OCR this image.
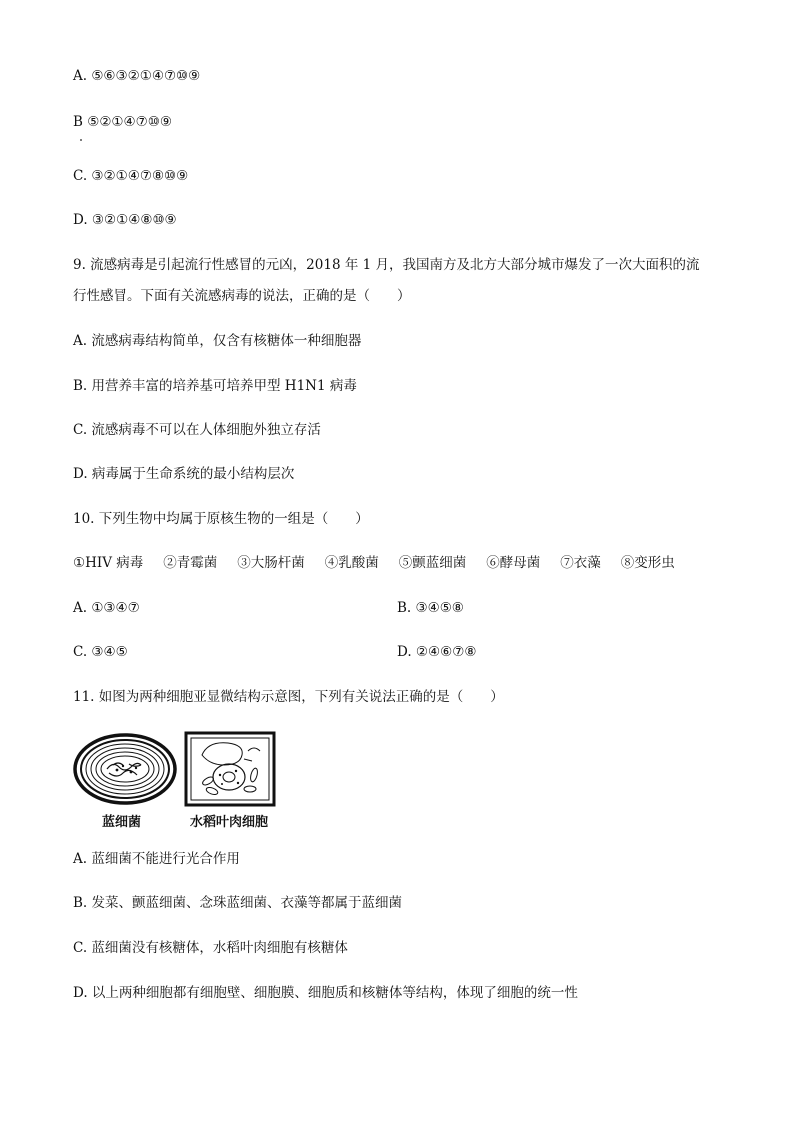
A. ⑤⑥③②①④⑦⑩⑨
B ⑤②①④⑦⑩⑨
C. ③②①④⑦⑧⑩⑨
D. ③②①④⑧⑩⑨
9. 流感病毒是引起流行性感冒的元凶，2018 年 1 月，我国南方及北方大部分城市爆发了一次大面积的流
行性感冒。下面有关流感病毒的说法，正确的是（　　）
A. 流感病毒结构简单，仅含有核糖体一种细胞器
B. 用营养丰富的培养基可培养甲型 H1N1 病毒
C. 流感病毒不可以在人体细胞外独立存活
D. 病毒属于生命系统的最小结构层次
10. 下列生物中均属于原核生物的一组是（　　）
①HIV 病毒 ②青霉菌 ③大肠杆菌 ④乳酸菌 ⑤颤蓝细菌 ⑥酵母菌 ⑦衣藻 ⑧变形虫
A. ①③④⑦	B. ③④⑤⑧
C. ③④⑤	D. ②④⑥⑦⑧
11. 如图为两种细胞亚显微结构示意图，下列有关说法正确的是（　　）
蓝细菌	水稻叶肉细胞
A. 蓝细菌不能进行光合作用
B. 发菜、颤蓝细菌、念珠蓝细菌、衣藻等都属于蓝细菌
C. 蓝细菌没有核糖体，水稻叶肉细胞有核糖体
D. 以上两种细胞都有细胞壁、细胞膜、细胞质和核糖体等结构，体现了细胞的统一性
